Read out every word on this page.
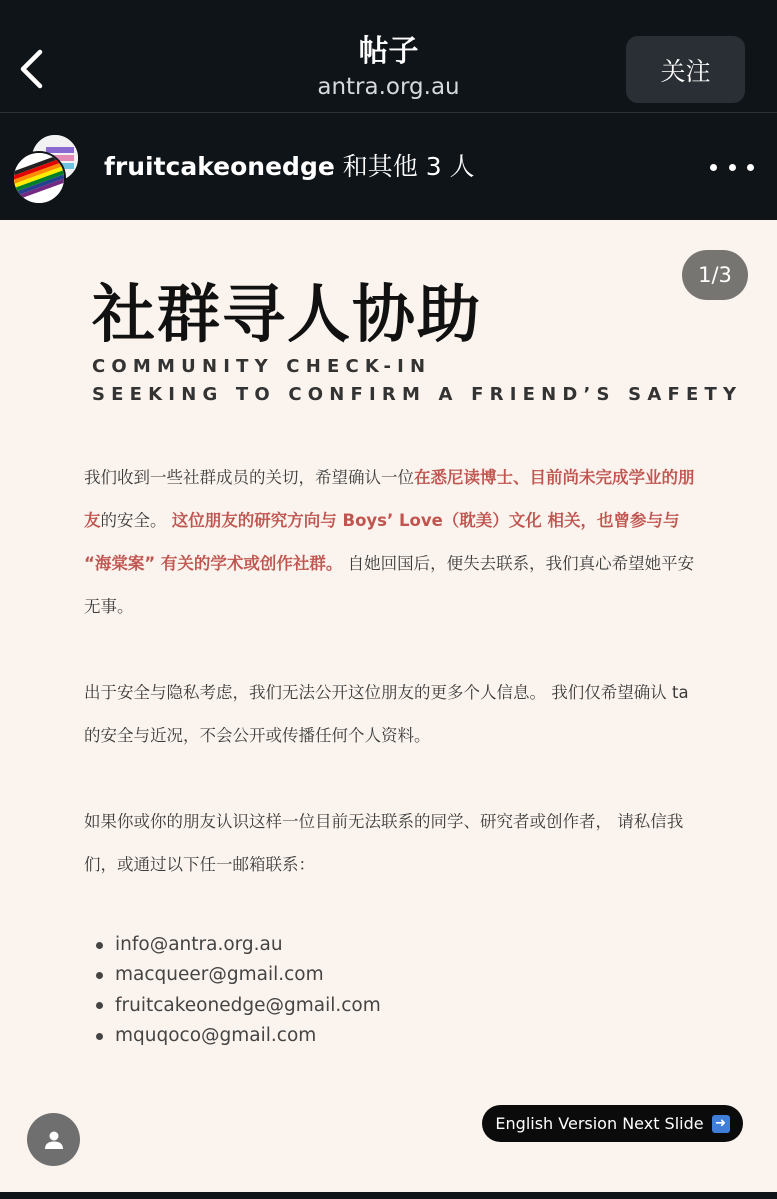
帖子
antra.org.au
关注
fruitcakeonedge 和其他 3 人
1/3
社群寻人协助
COMMUNITY CHECK-IN
SEEKING TO CONFIRM A FRIEND’S SAFETY
我们收到一些社群成员的关切，希望确认一位在悉尼读博士、目前尚未完成学业的朋友的安全。 这位朋友的研究方向与 Boys’ Love（耽美）文化 相关，也曾参与与 “海棠案” 有关的学术或创作社群。 自她回国后，便失去联系，我们真心希望她平安无事。
出于安全与隐私考虑，我们无法公开这位朋友的更多个人信息。 我们仅希望确认 ta 的安全与近况，不会公开或传播任何个人资料。
如果你或你的朋友认识这样一位目前无法联系的同学、研究者或创作者， 请私信我们，或通过以下任一邮箱联系：
info@antra.org.au
macqueer@gmail.com
fruitcakeonedge@gmail.com
mquqoco@gmail.com
English Version Next Slide ➜
